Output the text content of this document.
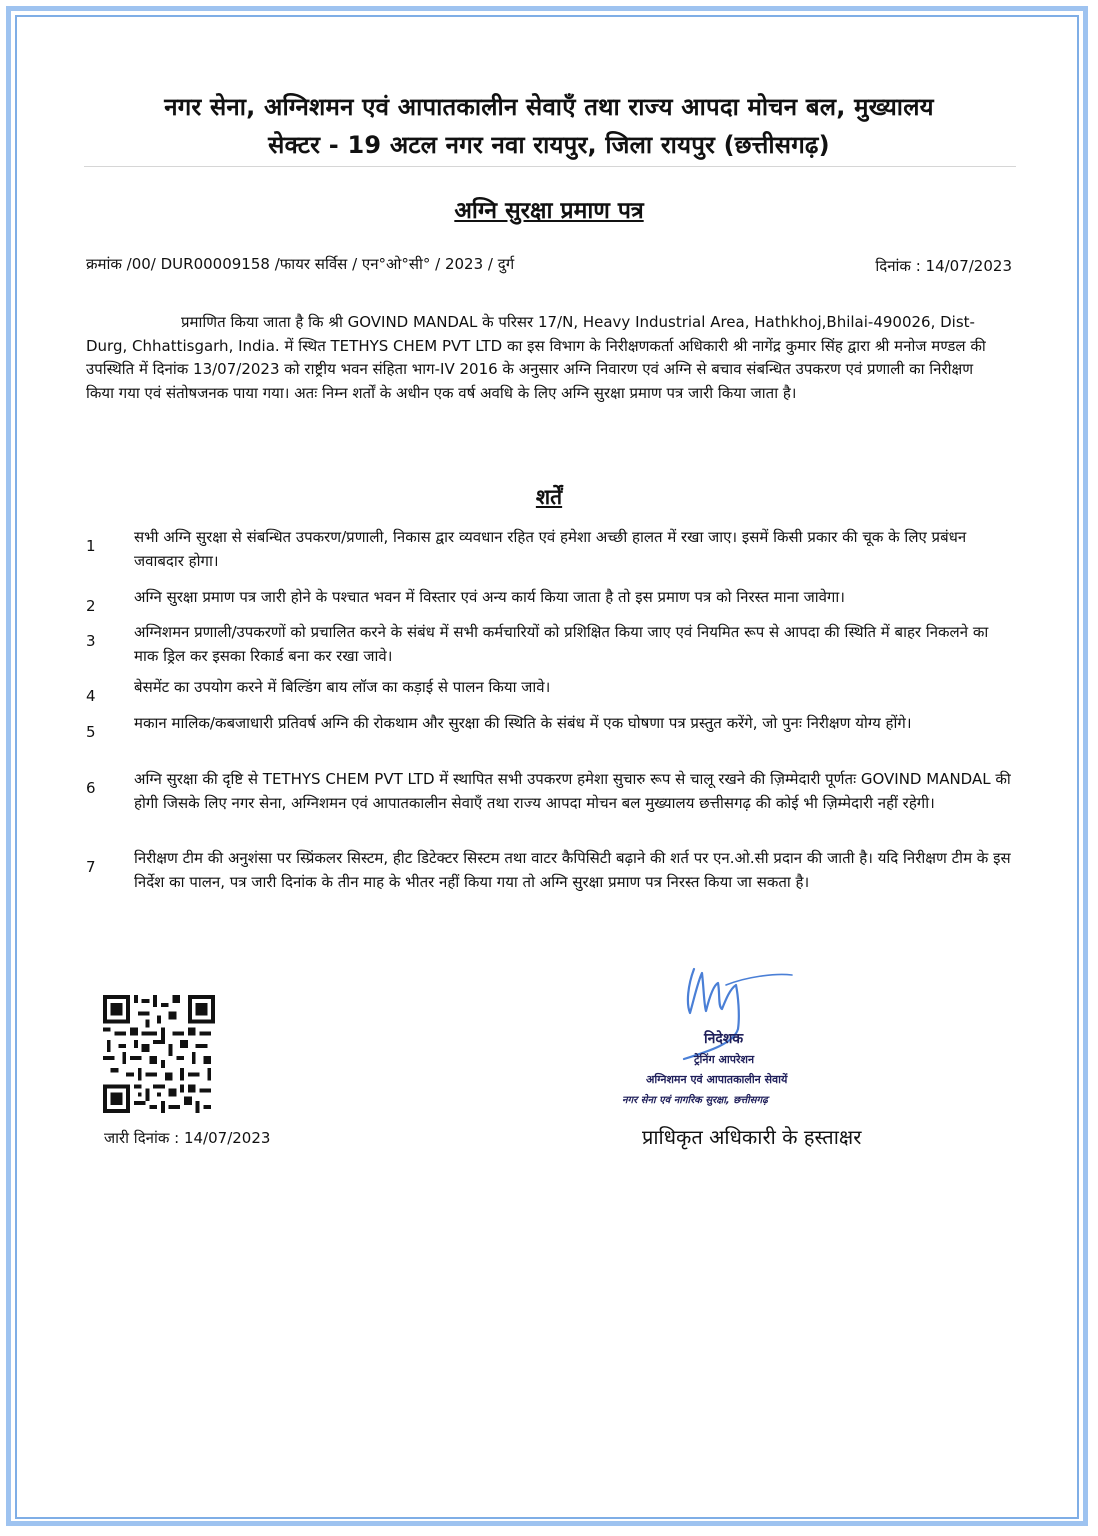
नगर सेना, अग्निशमन एवं आपातकालीन सेवाएँ तथा राज्य आपदा मोचन बल, मुख्यालय
सेक्टर - 19 अटल नगर नवा रायपुर, जिला रायपुर (छत्तीसगढ़)
अग्नि सुरक्षा प्रमाण पत्र
क्रमांक /00/ DUR00009158 /फायर सर्विस / एन°ओ°सी° / 2023 / दुर्ग	दिनांक : 14/07/2023
प्रमाणित किया जाता है कि श्री GOVIND MANDAL के परिसर 17/N, Heavy Industrial Area, Hathkhoj,Bhilai-490026, Dist-Durg, Chhattisgarh, India. में स्थित TETHYS CHEM PVT LTD का इस विभाग के निरीक्षणकर्ता अधिकारी श्री नागेंद्र कुमार सिंह द्वारा श्री मनोज मण्डल की उपस्थिति में दिनांक 13/07/2023 को राष्ट्रीय भवन संहिता भाग-IV 2016 के अनुसार अग्नि निवारण एवं अग्नि से बचाव संबन्धित उपकरण एवं प्रणाली का निरीक्षण किया गया एवं संतोषजनक पाया गया। अतः निम्न शर्तों के अधीन एक वर्ष अवधि के लिए अग्नि सुरक्षा प्रमाण पत्र जारी किया जाता है।
शर्तें
1	सभी अग्नि सुरक्षा से संबन्धित उपकरण/प्रणाली, निकास द्वार व्यवधान रहित एवं हमेशा अच्छी हालत में रखा जाए। इसमें किसी प्रकार की चूक के लिए प्रबंधन जवाबदार होगा।
2	अग्नि सुरक्षा प्रमाण पत्र जारी होने के पश्चात भवन में विस्तार एवं अन्य कार्य किया जाता है तो इस प्रमाण पत्र को निरस्त माना जावेगा।
3	अग्निशमन प्रणाली/उपकरणों को प्रचालित करने के संबंध में सभी कर्मचारियों को प्रशिक्षित किया जाए एवं नियमित रूप से आपदा की स्थिति में बाहर निकलने का माक ड्रिल कर इसका रिकार्ड बना कर रखा जावे।
4	बेसमेंट का उपयोग करने में बिल्डिंग बाय लॉज का कड़ाई से पालन किया जावे।
5	मकान मालिक/कबजाधारी प्रतिवर्ष अग्नि की रोकथाम और सुरक्षा की स्थिति के संबंध में एक घोषणा पत्र प्रस्तुत करेंगे, जो पुनः निरीक्षण योग्य होंगे।
6	अग्नि सुरक्षा की दृष्टि से TETHYS CHEM PVT LTD में स्थापित सभी उपकरण हमेशा सुचारु रूप से चालू रखने की ज़िम्मेदारी पूर्णतः GOVIND MANDAL की होगी जिसके लिए नगर सेना, अग्निशमन एवं आपातकालीन सेवाएँ तथा राज्य आपदा मोचन बल मुख्यालय छत्तीसगढ़ की कोई भी ज़िम्मेदारी नहीं रहेगी।
7	निरीक्षण टीम की अनुशंसा पर स्प्रिंकलर सिस्टम, हीट डिटेक्टर सिस्टम तथा वाटर कैपिसिटी बढ़ाने की शर्त पर एन.ओ.सी प्रदान की जाती है। यदि निरीक्षण टीम के इस निर्देश का पालन, पत्र जारी दिनांक के तीन माह के भीतर नहीं किया गया तो अग्नि सुरक्षा प्रमाण पत्र निरस्त किया जा सकता है।
जारी दिनांक : 14/07/2023
निदेशक
ट्रेनिंग आपरेशन
अग्निशमन एवं आपातकालीन सेवायें
नगर सेना एवं नागरिक सुरक्षा, छत्तीसगढ़
प्राधिकृत अधिकारी के हस्ताक्षर
